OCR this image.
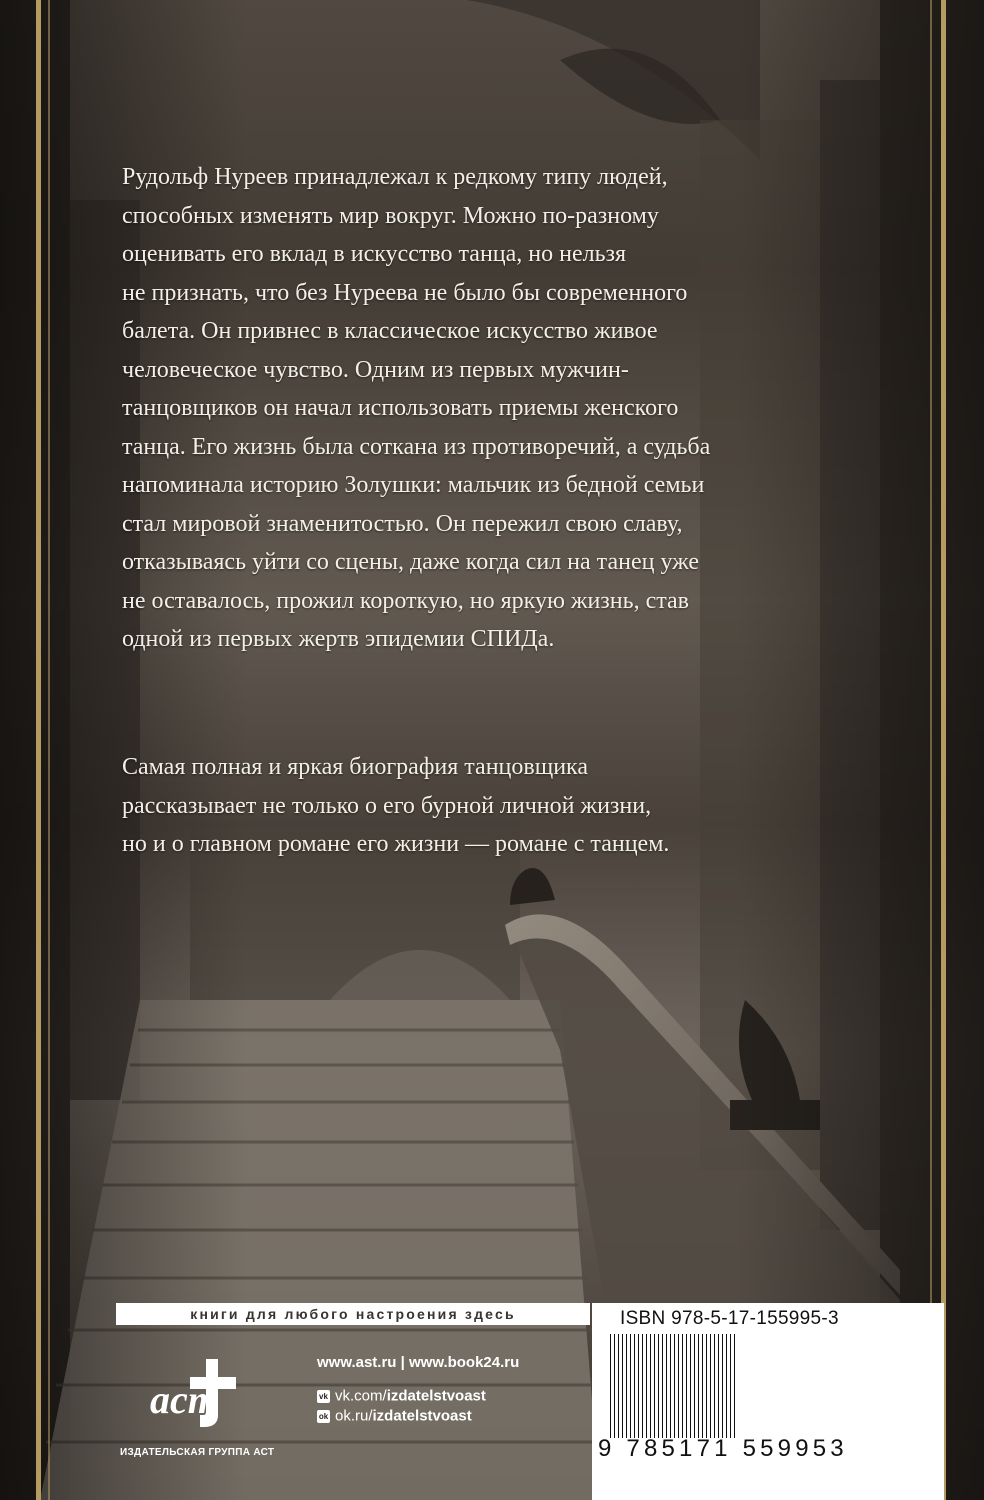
Рудольф Нуреев принадлежал к редкому типу людей,
способных изменять мир вокруг. Можно по-разному
оценивать его вклад в искусство танца, но нельзя
не признать, что без Нуреева не было бы современного
балета. Он привнес в классическое искусство живое
человеческое чувство. Одним из первых мужчин-
танцовщиков он начал использовать приемы женского
танца. Его жизнь была соткана из противоречий, а судьба
напоминала историю Золушки: мальчик из бедной семьи
стал мировой знаменитостью. Он пережил свою славу,
отказываясь уйти со сцены, даже когда сил на танец уже
не оставалось, прожил короткую, но яркую жизнь, став
одной из первых жертв эпидемии СПИДа.
Самая полная и яркая биография танцовщика
рассказывает не только о его бурной личной жизни,
но и о главном романе его жизни — романе с танцем.
книги для любого настроения здесь
аст
ИЗДАТЕЛЬСКАЯ ГРУППА АСТ
www.ast.ru | www.book24.ru
vk vk.com/izdatelstvoast
ok ok.ru/izdatelstvoast
ISBN 978-5-17-155995-3
9 785171 559953
